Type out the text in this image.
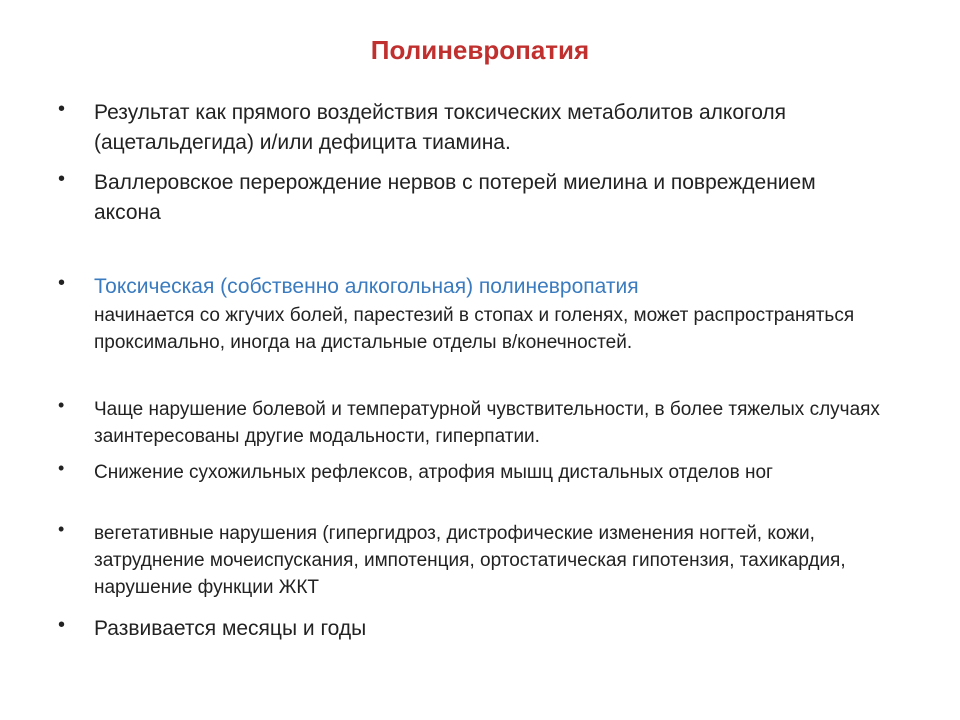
Полиневропатия
•	Результат как прямого воздействия токсических метаболитов алкоголя (ацетальдегида) и/или дефицита тиамина.
•	Валлеровское перерождение нервов с потерей миелина и повреждением аксона
•	Токсическая (собственно алкогольная) полиневропатия
начинается со жгучих болей, парестезий в стопах и голенях, может распространяться проксимально, иногда на дистальные отделы в/конечностей.
•	Чаще нарушение болевой и температурной чувствительности, в более тяжелых случаях заинтересованы другие модальности, гиперпатии.
•	Снижение сухожильных рефлексов, атрофия мышц дистальных отделов ног
•	вегетативные нарушения (гипергидроз, дистрофические изменения ногтей, кожи, затруднение мочеиспускания, импотенция, ортостатическая гипотензия, тахикардия, нарушение функции ЖКТ
•	Развивается месяцы и годы
